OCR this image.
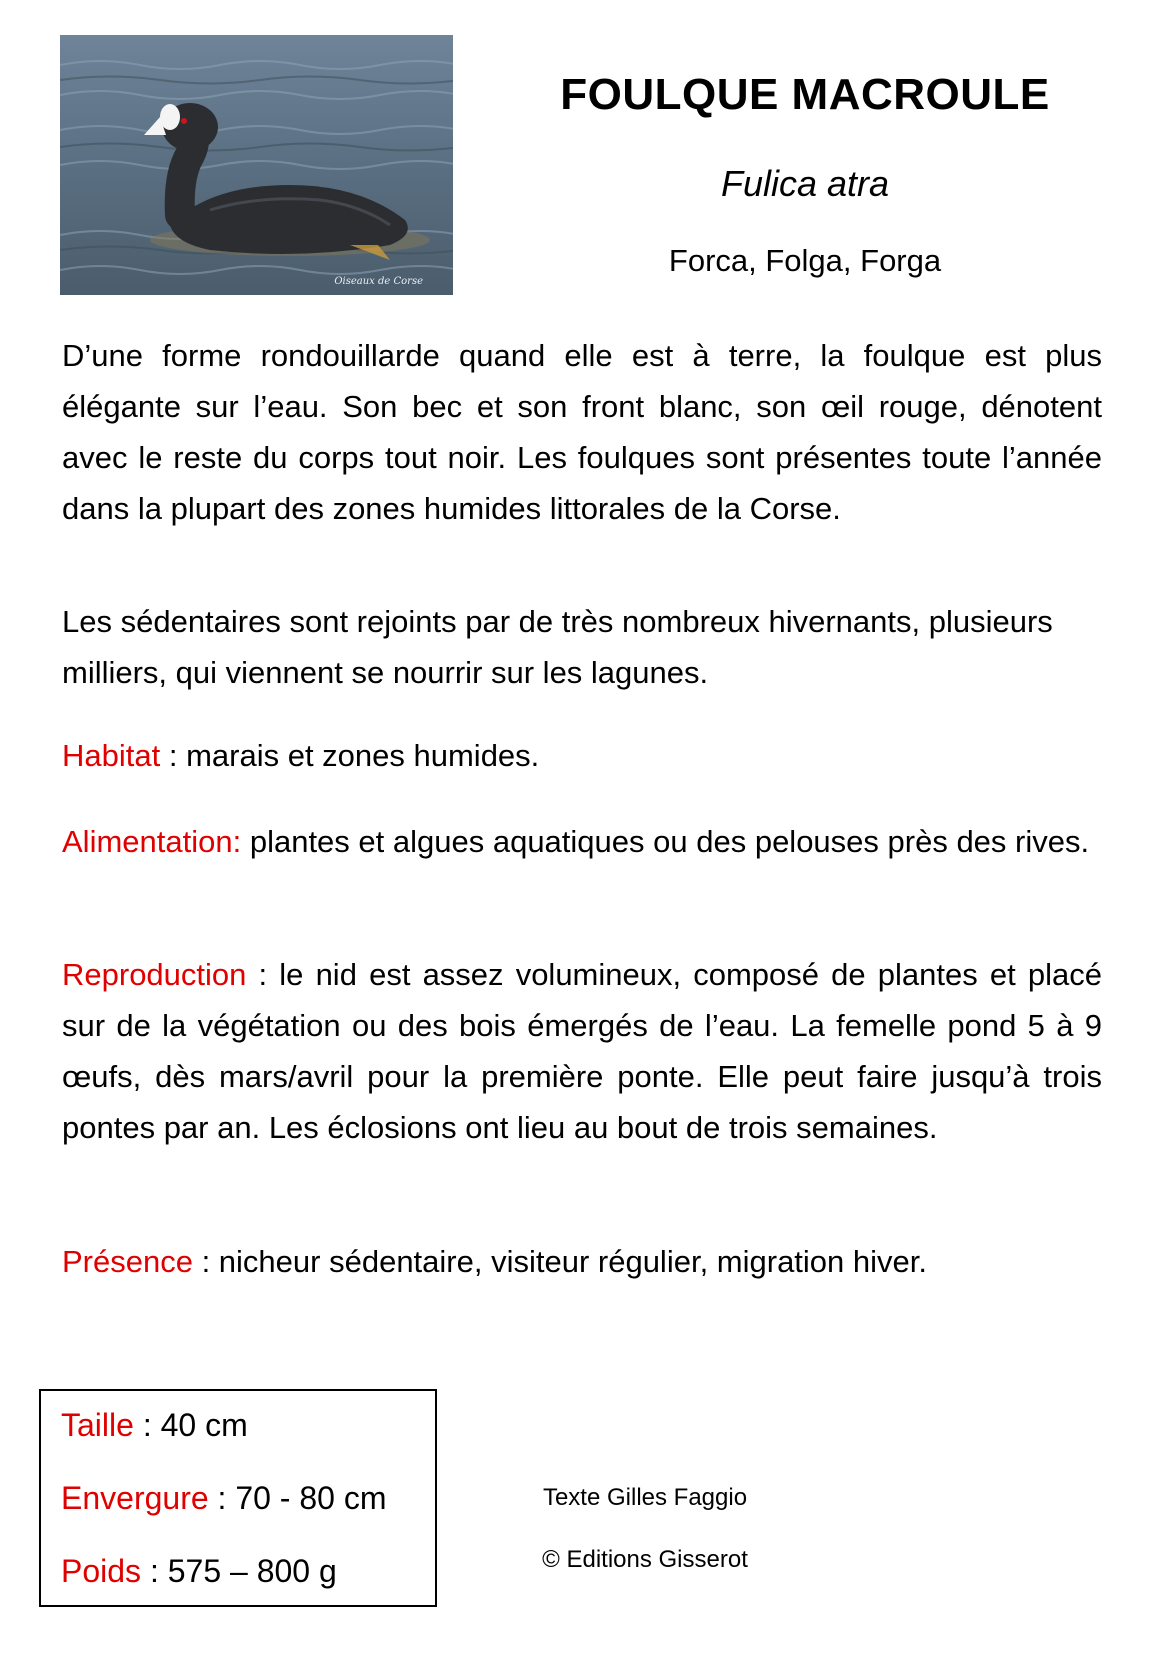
Oiseaux de Corse
FOULQUE MACROULE
Fulica atra
Forca, Folga, Forga

D’une forme rondouillarde quand elle est à terre, la foulque est plus élégante sur l’eau. Son bec et son front blanc, son œil rouge, dénotent avec le reste du corps tout noir. Les foulques sont présentes toute l’année dans la plupart des zones humides littorales de la Corse.

Les sédentaires sont rejoints par de très nombreux hivernants, plusieurs milliers, qui viennent se nourrir sur les lagunes.

Habitat : marais et zones humides.

Alimentation: plantes et algues aquatiques ou des pelouses près des rives.

Reproduction : le nid est assez volumineux, composé de plantes et placé sur de la végétation ou des bois émergés de l’eau. La femelle pond 5 à 9 œufs, dès mars/avril pour la première ponte. Elle peut faire jusqu’à trois pontes par an. Les éclosions ont lieu au bout de trois semaines.

Présence : nicheur sédentaire, visiteur régulier, migration hiver.

Taille : 40 cm
Envergure : 70 - 80 cm
Poids : 575 – 800 g
Texte Gilles Faggio
© Editions Gisserot
